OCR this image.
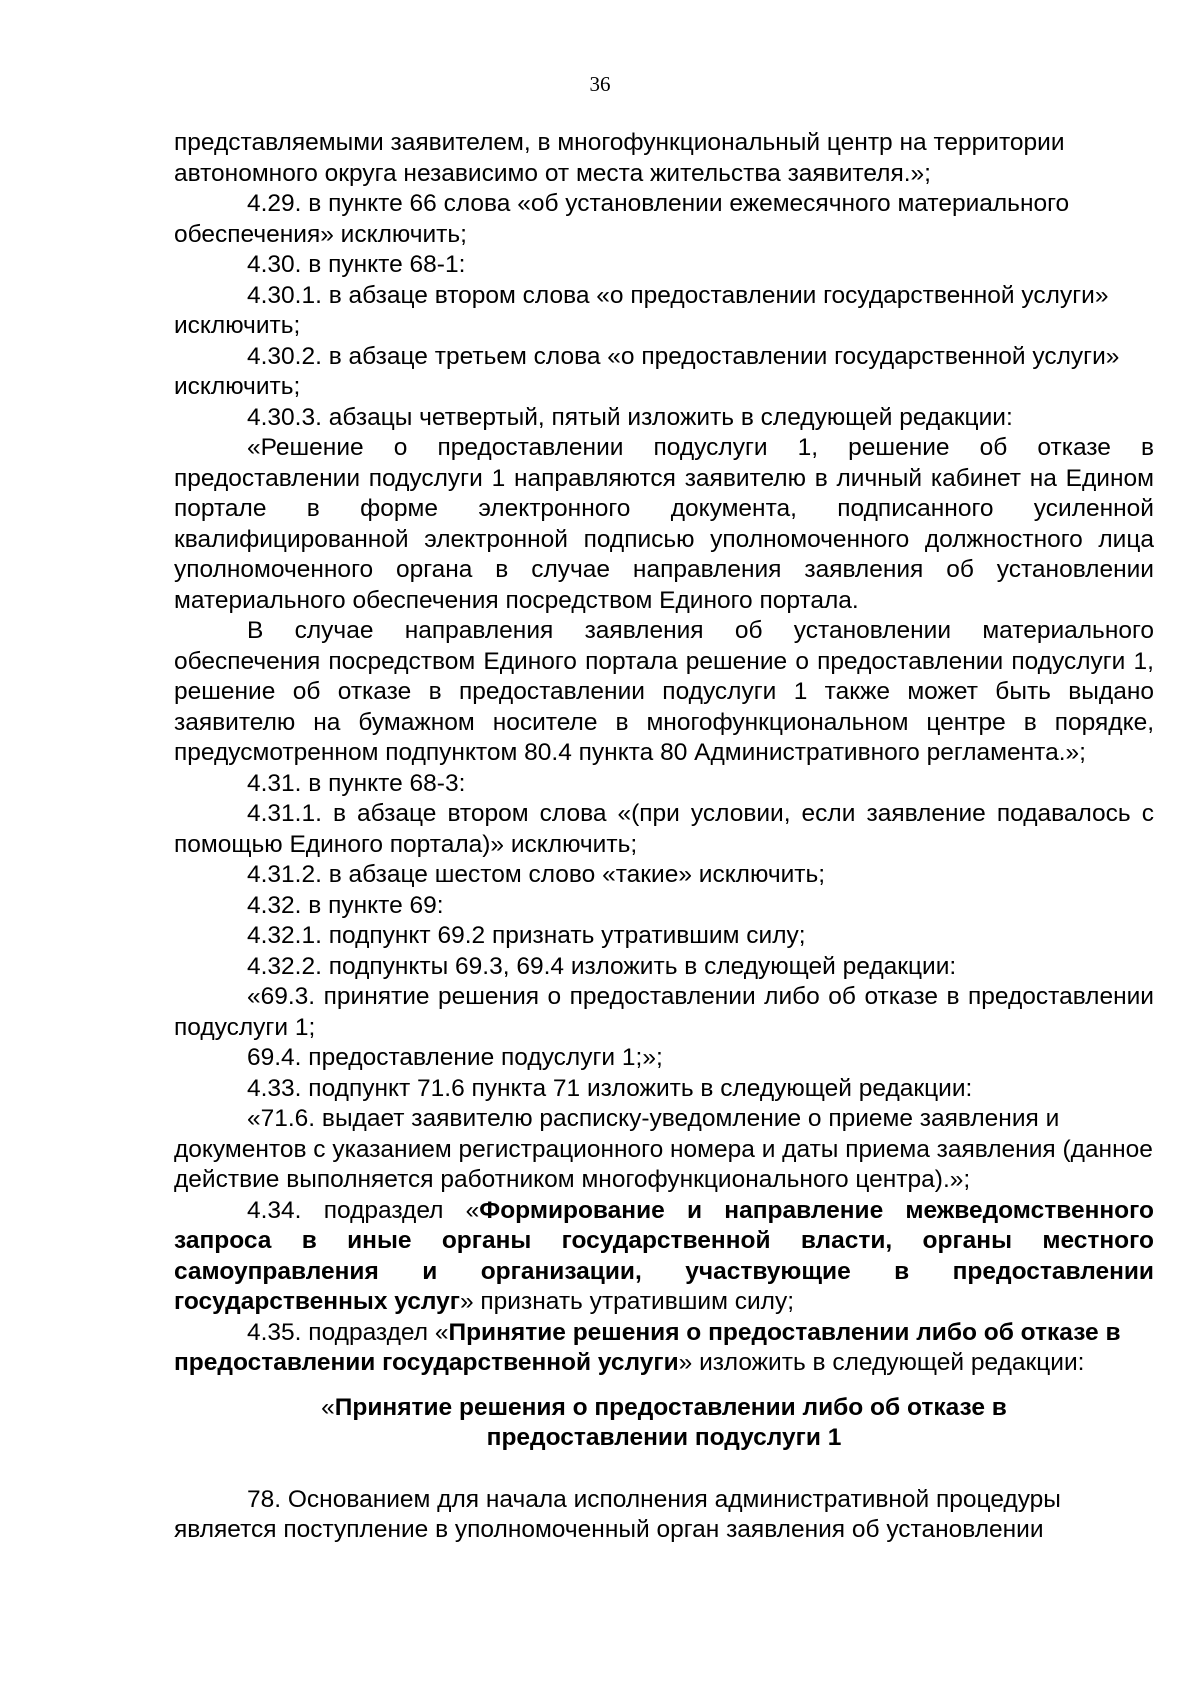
36

представляемыми заявителем, в многофункциональный центр на территории автономного округа независимо от места жительства заявителя.»;

4.29. в пункте 66 слова «об установлении ежемесячного материального обеспечения» исключить;

4.30. в пункте 68-1:

4.30.1. в абзаце втором слова «о предоставлении государственной услуги» исключить;

4.30.2. в абзаце третьем слова «о предоставлении государственной услуги» исключить;

4.30.3. абзацы четвертый, пятый изложить в следующей редакции:

«Решение о предоставлении подуслуги 1, решение об отказе в предоставлении подуслуги 1 направляются заявителю в личный кабинет на Едином портале в форме электронного документа, подписанного усиленной квалифицированной электронной подписью уполномоченного должностного лица уполномоченного органа в случае направления заявления об установлении материального обеспечения посредством Единого портала.

В случае направления заявления об установлении материального обеспечения посредством Единого портала решение о предоставлении подуслуги 1, решение об отказе в предоставлении подуслуги 1 также может быть выдано заявителю на бумажном носителе в многофункциональном центре в порядке, предусмотренном подпунктом 80.4 пункта 80 Административного регламента.»;

4.31. в пункте 68-3:

4.31.1. в абзаце втором слова «(при условии, если заявление подавалось с помощью Единого портала)» исключить;

4.31.2. в абзаце шестом слово «такие» исключить;

4.32. в пункте 69:

4.32.1. подпункт 69.2 признать утратившим силу;

4.32.2. подпункты 69.3, 69.4 изложить в следующей редакции:

«69.3. принятие решения о предоставлении либо об отказе в предоставлении подуслуги 1;

69.4. предоставление подуслуги 1;»;

4.33. подпункт 71.6 пункта 71 изложить в следующей редакции:

«71.6. выдает заявителю расписку-уведомление о приеме заявления и документов с указанием регистрационного номера и даты приема заявления (данное действие выполняется работником многофункционального центра).»;

4.34. подраздел «Формирование и направление межведомственного запроса в иные органы государственной власти, органы местного самоуправления и организации, участвующие в предоставлении государственных услуг» признать утратившим силу;

4.35. подраздел «Принятие решения о предоставлении либо об отказе в предоставлении государственной услуги» изложить в следующей редакции:

«Принятие решения о предоставлении либо об отказе в
предоставлении подуслуги 1

78. Основанием для начала исполнения административной процедуры является поступление в уполномоченный орган заявления об установлении
